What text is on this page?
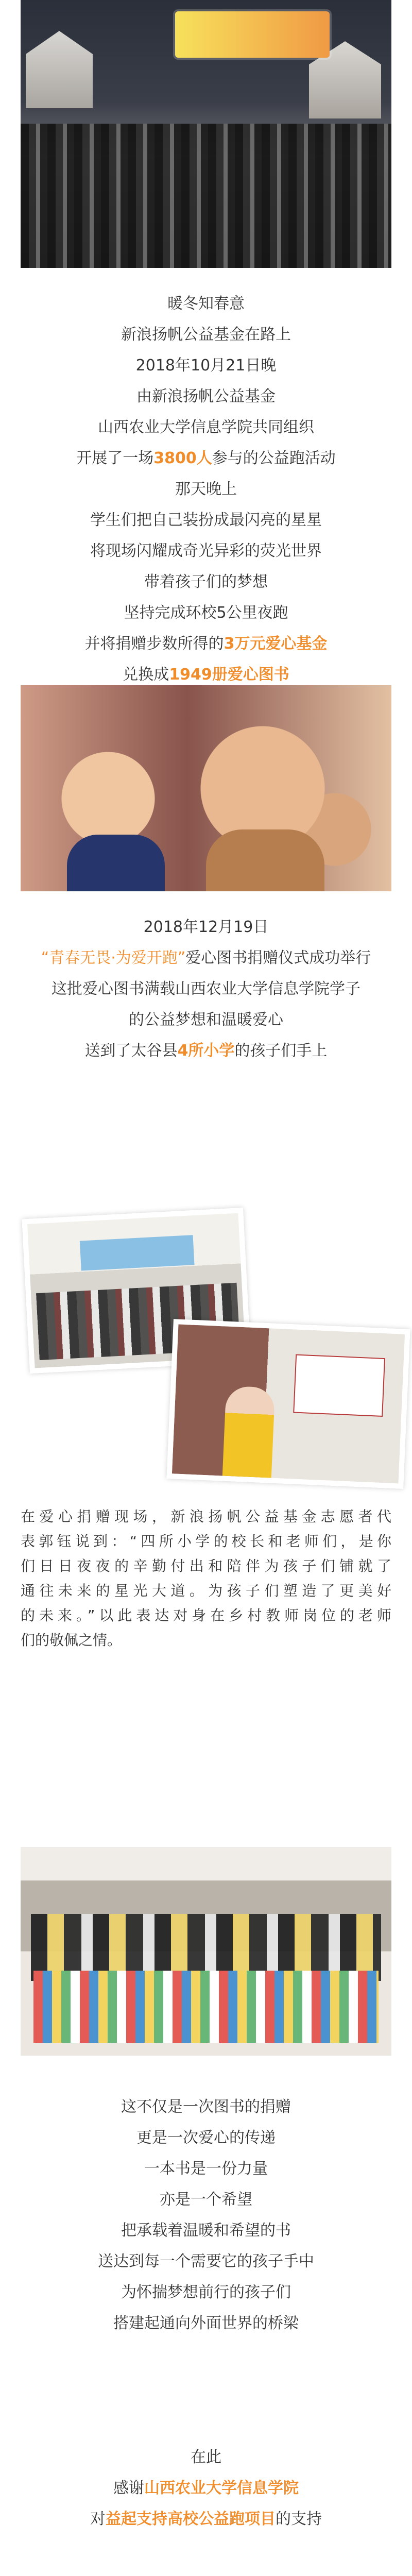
暖冬知春意
新浪扬帆公益基金在路上
2018年10月21日晚
由新浪扬帆公益基金
山西农业大学信息学院共同组织
开展了一场3800人参与的公益跑活动
那天晚上
学生们把自己装扮成最闪亮的星星
将现场闪耀成奇光异彩的荧光世界
带着孩子们的梦想
坚持完成环校5公里夜跑
并将捐赠步数所得的3万元爱心基金
兑换成1949册爱心图书
2018年12月19日
“青春无畏·为爱开跑”爱心图书捐赠仪式成功举行
这批爱心图书满载山西农业大学信息学院学子
的公益梦想和温暖爱心
送到了太谷县4所小学的孩子们手上
在爱心捐赠现场，新浪扬帆公益基金志愿者代
表郭钰说到：“四所小学的校长和老师们，是你
们日日夜夜的辛勤付出和陪伴为孩子们铺就了
通往未来的星光大道。为孩子们塑造了更美好
的未来。”以此表达对身在乡村教师岗位的老师
们的敬佩之情。
这不仅是一次图书的捐赠
更是一次爱心的传递
一本书是一份力量
亦是一个希望
把承载着温暖和希望的书
送达到每一个需要它的孩子手中
为怀揣梦想前行的孩子们
搭建起通向外面世界的桥梁
在此
感谢山西农业大学信息学院
对益起支持高校公益跑项目的支持
